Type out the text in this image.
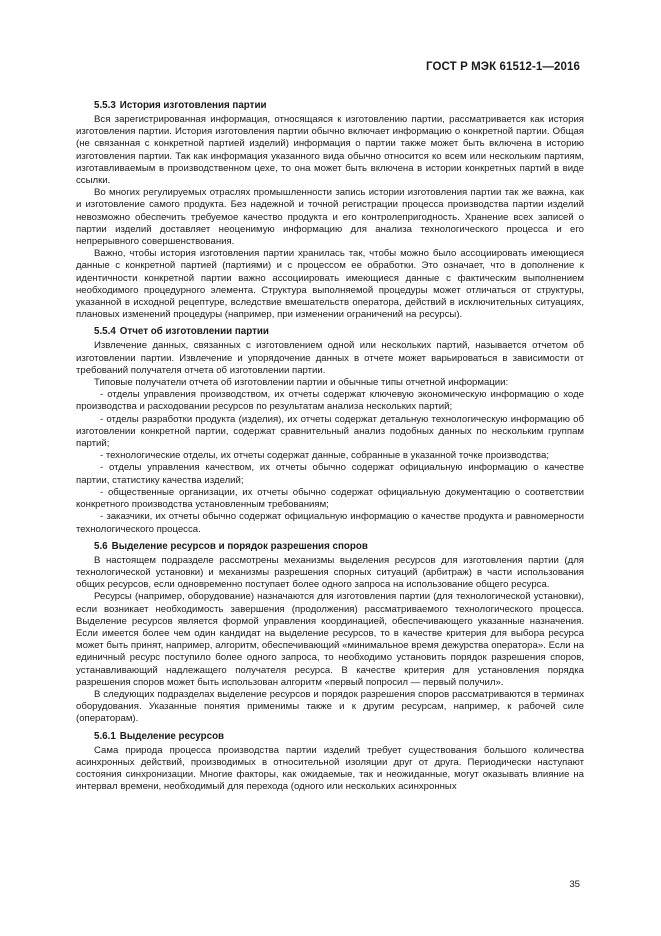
ГОСТ Р МЭК 61512-1—2016
5.5.3 История изготовления партии

Вся зарегистрированная информация, относящаяся к изготовлению партии, рассматривается как история изготовления партии. История изготовления партии обычно включает информацию о конкретной партии. Общая (не связанная с конкретной партией изделий) информация о партии также может быть включена в историю изготовления партии. Так как информация указанного вида обычно относится ко всем или нескольким партиям, изготавливаемым в производственном цехе, то она может быть включена в истории конкретных партий в виде ссылки.

Во многих регулируемых отраслях промышленности запись истории изготовления партии так же важна, как и изготовление самого продукта. Без надежной и точной регистрации процесса производства партии изделий невозможно обеспечить требуемое качество продукта и его контролепригодность. Хранение всех записей о партии изделий доставляет неоценимую информацию для анализа технологического процесса и его непрерывного совершенствования.

Важно, чтобы история изготовления партии хранилась так, чтобы можно было ассоциировать имеющиеся данные с конкретной партией (партиями) и с процессом ее обработки. Это означает, что в дополнение к идентичности конкретной партии важно ассоциировать имеющиеся данные с фактическим выполнением необходимого процедурного элемента. Структура выполняемой процедуры может отличаться от структуры, указанной в исходной рецептуре, вследствие вмешательств оператора, действий в исключительных ситуациях, плановых изменений процедуры (например, при изменении ограничений на ресурсы).

5.5.4 Отчет об изготовлении партии

Извлечение данных, связанных с изготовлением одной или нескольких партий, называется отчетом об изготовлении партии. Извлечение и упорядочение данных в отчете может варьироваться в зависимости от требований получателя отчета об изготовлении партии.

Типовые получатели отчета об изготовлении партии и обычные типы отчетной информации:

- отделы управления производством, их отчеты содержат ключевую экономическую информацию о ходе производства и расходовании ресурсов по результатам анализа нескольких партий;

- отделы разработки продукта (изделия), их отчеты содержат детальную технологическую информацию об изготовлении конкретной партии, содержат сравнительный анализ подобных данных по нескольким группам партий;

- технологические отделы, их отчеты содержат данные, собранные в указанной точке производства;

- отделы управления качеством, их отчеты обычно содержат официальную информацию о качестве партии, статистику качества изделий;

- общественные организации, их отчеты обычно содержат официальную документацию о соответствии конкретного производства установленным требованиям;

- заказчики, их отчеты обычно содержат официальную информацию о качестве продукта и равномерности технологического процесса.

5.6 Выделение ресурсов и порядок разрешения споров

В настоящем подразделе рассмотрены механизмы выделения ресурсов для изготовления партии (для технологической установки) и механизмы разрешения спорных ситуаций (арбитраж) в части использования общих ресурсов, если одновременно поступает более одного запроса на использование общего ресурса.

Ресурсы (например, оборудование) назначаются для изготовления партии (для технологической установки), если возникает необходимость завершения (продолжения) рассматриваемого технологического процесса. Выделение ресурсов является формой управления координацией, обеспечивающего указанные назначения. Если имеется более чем один кандидат на выделение ресурсов, то в качестве критерия для выбора ресурса может быть принят, например, алгоритм, обеспечивающий «минимальное время дежурства оператора». Если на единичный ресурс поступило более одного запроса, то необходимо установить порядок разрешения споров, устанавливающий надлежащего получателя ресурса. В качестве критерия для установления порядка разрешения споров может быть использован алгоритм «первый попросил — первый получил».

В следующих подразделах выделение ресурсов и порядок разрешения споров рассматриваются в терминах оборудования. Указанные понятия применимы также и к другим ресурсам, например, к рабочей силе (операторам).

5.6.1 Выделение ресурсов

Сама природа процесса производства партии изделий требует существования большого количества асинхронных действий, производимых в относительной изоляции друг от друга. Периодически наступают состояния синхронизации. Многие факторы, как ожидаемые, так и неожиданные, могут оказывать влияние на интервал времени, необходимый для перехода (одного или нескольких асинхронных

35
